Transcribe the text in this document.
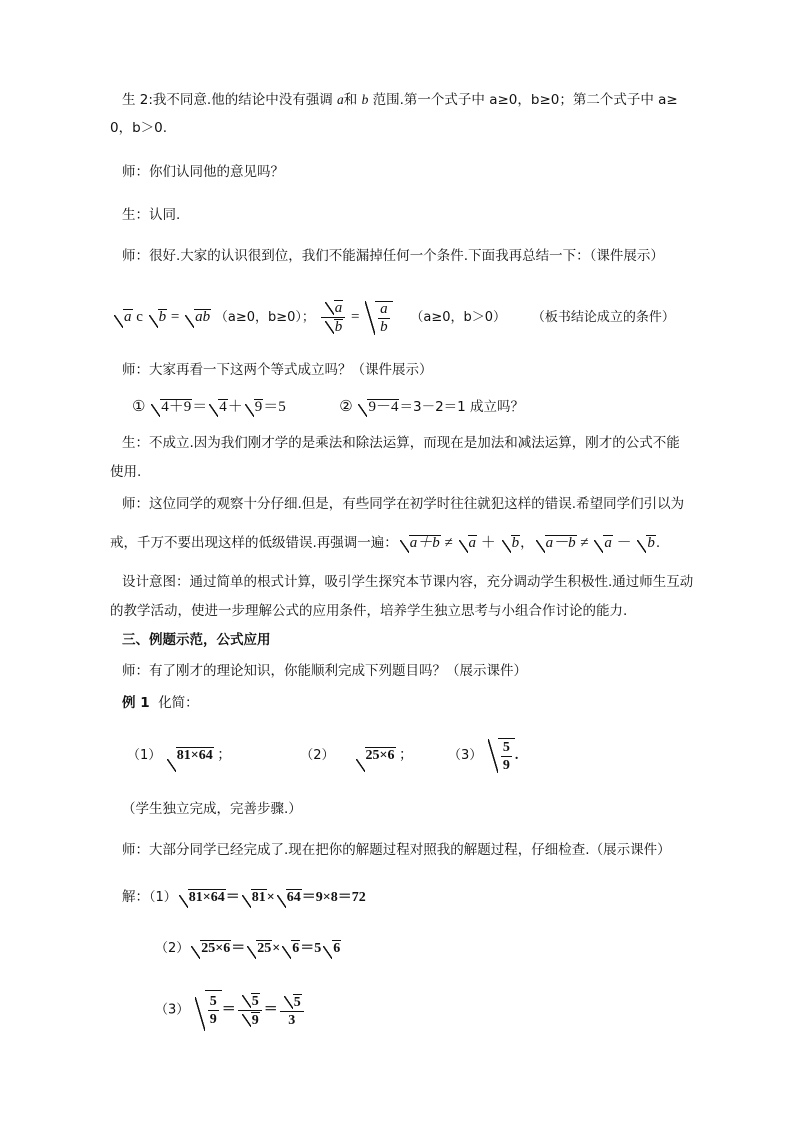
生 2:我不同意.他的结论中没有强调 a和 b 范围.第一个式子中 a≥0，b≥0；第二个式子中 a≥
0，b＞0.
师：你们认同他的意见吗？
生：认同.
师：很好.大家的认识很到位，我们不能漏掉任何一个条件.下面我再总结一下：（课件展示）
a c b = ab （a≥0，b≥0）； $\frac{a}{b} = \frac{a}{b} (a\ge 0$，b＞0） （板书结论成立的条件）
师：大家再看一下这两个等式成立吗？（课件展示）
① 4＋9＝ 4＋ 9＝5	② 9－4＝3－2＝1 成立吗？
生：不成立.因为我们刚才学的是乘法和除法运算，而现在是加法和减法运算，刚才的公式不能
使用.
师：这位同学的观察十分仔细.但是，有些同学在初学时往往就犯这样的错误.希望同学们引以为
戒，千万不要出现这样的低级错误.再强调一遍： a＋b ≠ a ＋ b， a－b ≠ a － b.
设计意图：通过简单的根式计算，吸引学生探究本节课内容，充分调动学生积极性.通过师生互动
的教学活动，使进一步理解公式的应用条件，培养学生独立思考与小组合作讨论的能力.
三、例题示范，公式应用
师：有了刚才的理论知识，你能顺利完成下列题目吗？（展示课件）
例 1 化简：
（1） 81×64 ；	（2） 25×6 ；	$(3) \frac{5}{9}$ .
（学生独立完成，完善步骤.）
师：大部分同学已经完成了.现在把你的解题过程对照我的解题过程，仔细检查.（展示课件）
解：（1） 81×64＝ 81× 64＝9×8＝72
（2） 25×6＝ 25× 6＝5 6
$(3) \frac{5}{9} = \frac{5}{9} = \frac{5}{3}$
